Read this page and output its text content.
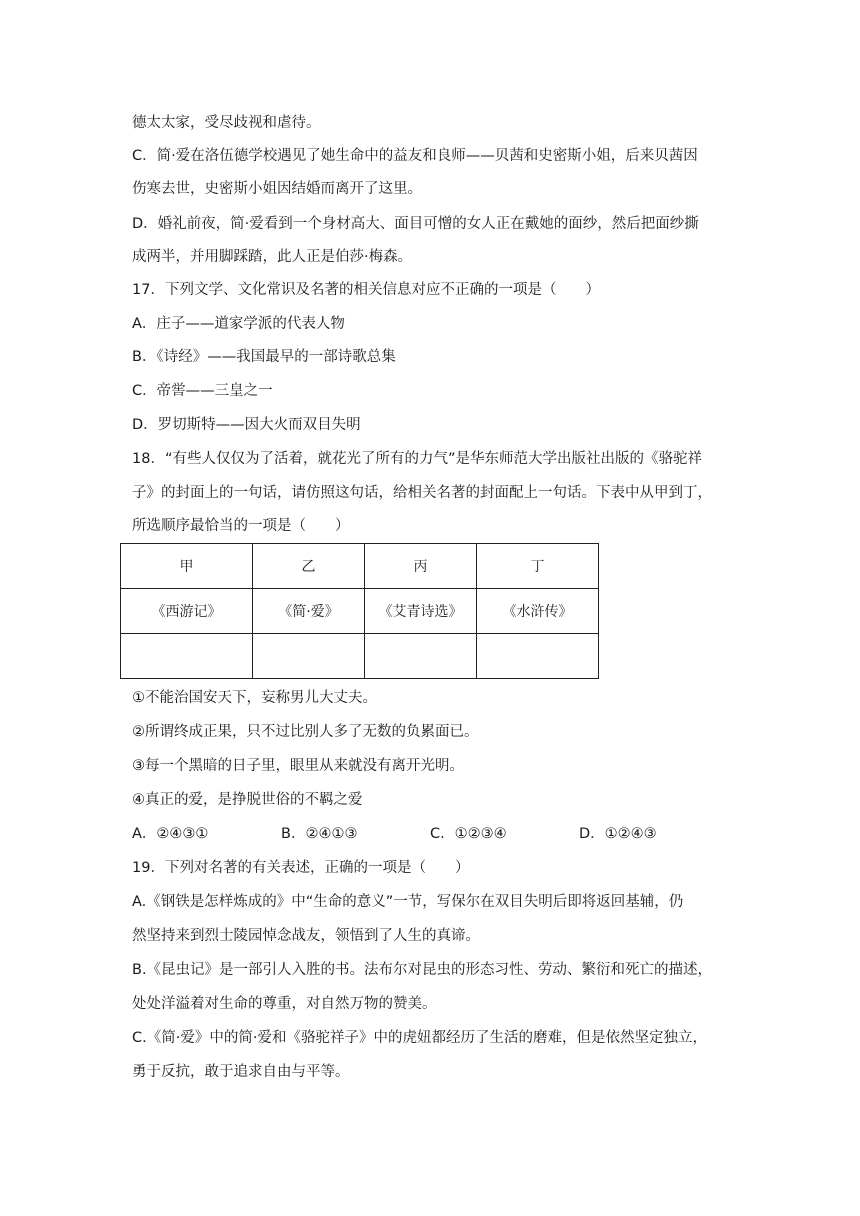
德太太家，受尽歧视和虐待。
C．简·爱在洛伍德学校遇见了她生命中的益友和良师——贝茜和史密斯小姐，后来贝茜因
伤寒去世，史密斯小姐因结婚而离开了这里。
D．婚礼前夜，简·爱看到一个身材高大、面目可憎的女人正在戴她的面纱，然后把面纱撕
成两半，并用脚踩踏，此人正是伯莎·梅森。
17．下列文学、文化常识及名著的相关信息对应不正确的一项是（　　）
A．庄子——道家学派的代表人物
B．《诗经》——我国最早的一部诗歌总集
C．帝喾——三皇之一
D．罗切斯特——因大火而双目失明
18．“有些人仅仅为了活着，就花光了所有的力气”是华东师范大学出版社出版的《骆驼祥
子》的封面上的一句话，请仿照这句话，给相关名著的封面配上一句话。下表中从甲到丁，
所选顺序最恰当的一项是（　　）
甲	乙	丙	丁
《西游记》	《简·爱》	《艾青诗选》	《水浒传》

①不能治国安天下，妄称男儿大丈夫。
②所谓终成正果，只不过比别人多了无数的负累面已。
③每一个黑暗的日子里，眼里从来就没有离开光明。
④真正的爱，是挣脱世俗的不羁之爱
A．②④③①	B．②④①③	C．①②③④	D．①②④③
19．下列对名著的有关表述，正确的一项是（　　）
A.《钢铁是怎样炼成的》中“生命的意义”一节，写保尔在双目失明后即将返回基辅，仍
然坚持来到烈士陵园悼念战友，领悟到了人生的真谛。
B.《昆虫记》是一部引人入胜的书。法布尔对昆虫的形态习性、劳动、繁衍和死亡的描述，
处处洋溢着对生命的尊重，对自然万物的赞美。
C.《简·爱》中的简·爱和《骆驼祥子》中的虎妞都经历了生活的磨难，但是依然坚定独立，
勇于反抗，敢于追求自由与平等。
